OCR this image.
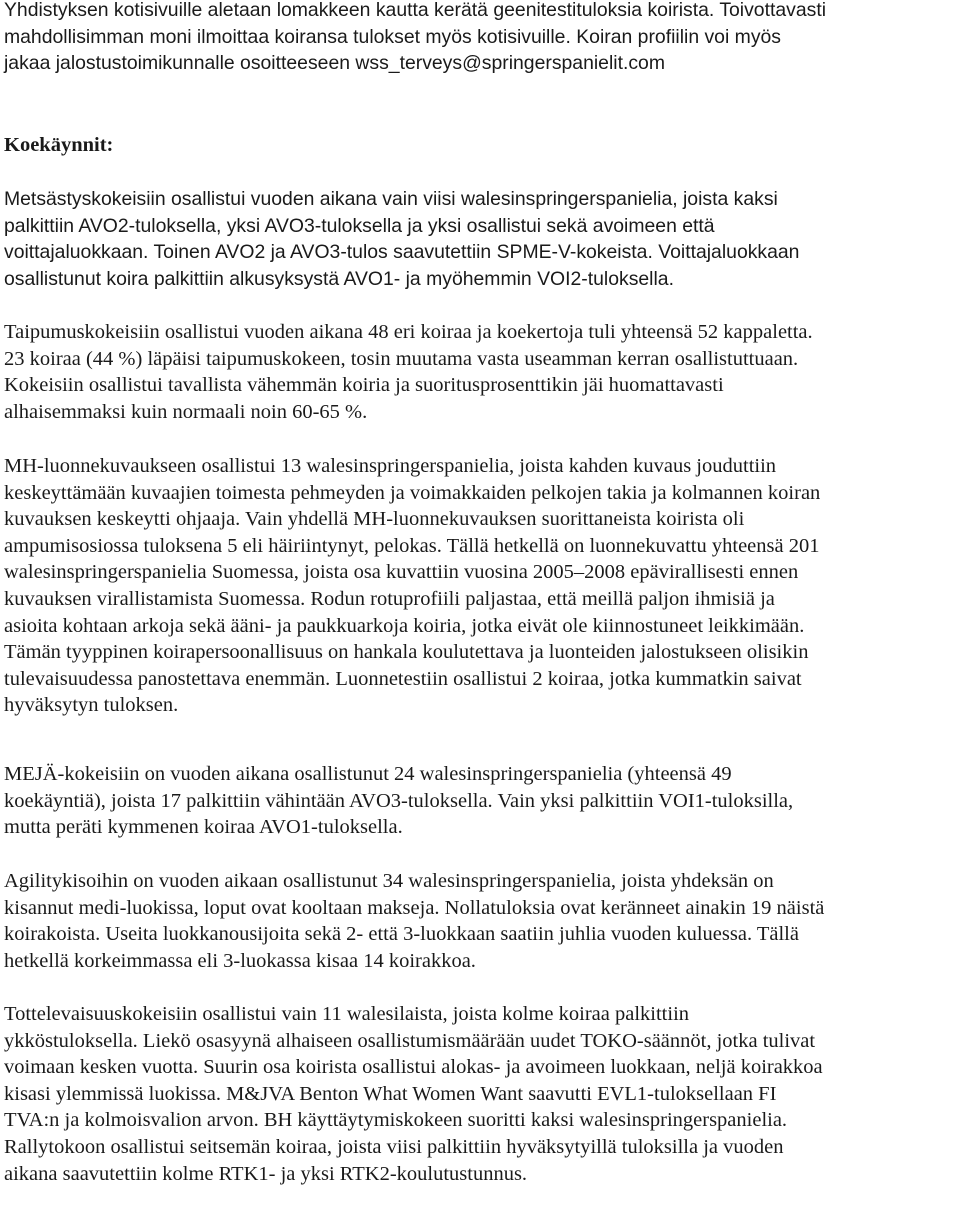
Yhdistyksen kotisivuille aletaan lomakkeen kautta kerätä geenitestituloksia koirista. Toivottavasti
mahdollisimman moni ilmoittaa koiransa tulokset myös kotisivuille. Koiran profiilin voi myös
jakaa jalostustoimikunnalle osoitteeseen wss_terveys@springerspanielit.com
Koekäynnit:
Metsästyskokeisiin osallistui vuoden aikana vain viisi walesinspringerspanielia, joista kaksi
palkittiin AVO2-tuloksella, yksi AVO3-tuloksella ja yksi osallistui sekä avoimeen että
voittajaluokkaan. Toinen AVO2 ja AVO3-tulos saavutettiin SPME-V-kokeista. Voittajaluokkaan
osallistunut koira palkittiin alkusyksystä AVO1- ja myöhemmin VOI2-tuloksella.
Taipumuskokeisiin osallistui vuoden aikana 48 eri koiraa ja koekertoja tuli yhteensä 52 kappaletta.
23 koiraa (44 %) läpäisi taipumuskokeen, tosin muutama vasta useamman kerran osallistuttuaan.
Kokeisiin osallistui tavallista vähemmän koiria ja suoritusprosenttikin jäi huomattavasti
alhaisemmaksi kuin normaali noin 60-65 %.
MH-luonnekuvaukseen osallistui 13 walesinspringerspanielia, joista kahden kuvaus jouduttiin
keskeyttämään kuvaajien toimesta pehmeyden ja voimakkaiden pelkojen takia ja kolmannen koiran
kuvauksen keskeytti ohjaaja. Vain yhdellä MH-luonnekuvauksen suorittaneista koirista oli
ampumisosiossa tuloksena 5 eli häiriintynyt, pelokas. Tällä hetkellä on luonnekuvattu yhteensä 201
walesinspringerspanielia Suomessa, joista osa kuvattiin vuosina 2005–2008 epävirallisesti ennen
kuvauksen virallistamista Suomessa. Rodun rotuprofiili paljastaa, että meillä paljon ihmisiä ja
asioita kohtaan arkoja sekä ääni- ja paukkuarkoja koiria, jotka eivät ole kiinnostuneet leikkimään.
Tämän tyyppinen koirapersoonallisuus on hankala koulutettava ja luonteiden jalostukseen olisikin
tulevaisuudessa panostettava enemmän. Luonnetestiin osallistui 2 koiraa, jotka kummatkin saivat
hyväksytyn tuloksen.
MEJÄ-kokeisiin on vuoden aikana osallistunut 24 walesinspringerspanielia (yhteensä 49
koekäyntiä), joista 17 palkittiin vähintään AVO3-tuloksella. Vain yksi palkittiin VOI1-tuloksilla,
mutta peräti kymmenen koiraa AVO1-tuloksella.
Agilitykisoihin on vuoden aikaan osallistunut 34 walesinspringerspanielia, joista yhdeksän on
kisannut medi-luokissa, loput ovat kooltaan makseja. Nollatuloksia ovat keränneet ainakin 19 näistä
koirakoista. Useita luokkanousijoita sekä 2- että 3-luokkaan saatiin juhlia vuoden kuluessa. Tällä
hetkellä korkeimmassa eli 3-luokassa kisaa 14 koirakkoa.
Tottelevaisuuskokeisiin osallistui vain 11 walesilaista, joista kolme koiraa palkittiin
ykköstuloksella. Liekö osasyynä alhaiseen osallistumismäärään uudet TOKO-säännöt, jotka tulivat
voimaan kesken vuotta. Suurin osa koirista osallistui alokas- ja avoimeen luokkaan, neljä koirakkoa
kisasi ylemmissä luokissa. M&JVA Benton What Women Want saavutti EVL1-tuloksellaan FI
TVA:n ja kolmoisvalion arvon. BH käyttäytymiskokeen suoritti kaksi walesinspringerspanielia.
Rallytokoon osallistui seitsemän koiraa, joista viisi palkittiin hyväksytyillä tuloksilla ja vuoden
aikana saavutettiin kolme RTK1- ja yksi RTK2-koulutustunnus.
